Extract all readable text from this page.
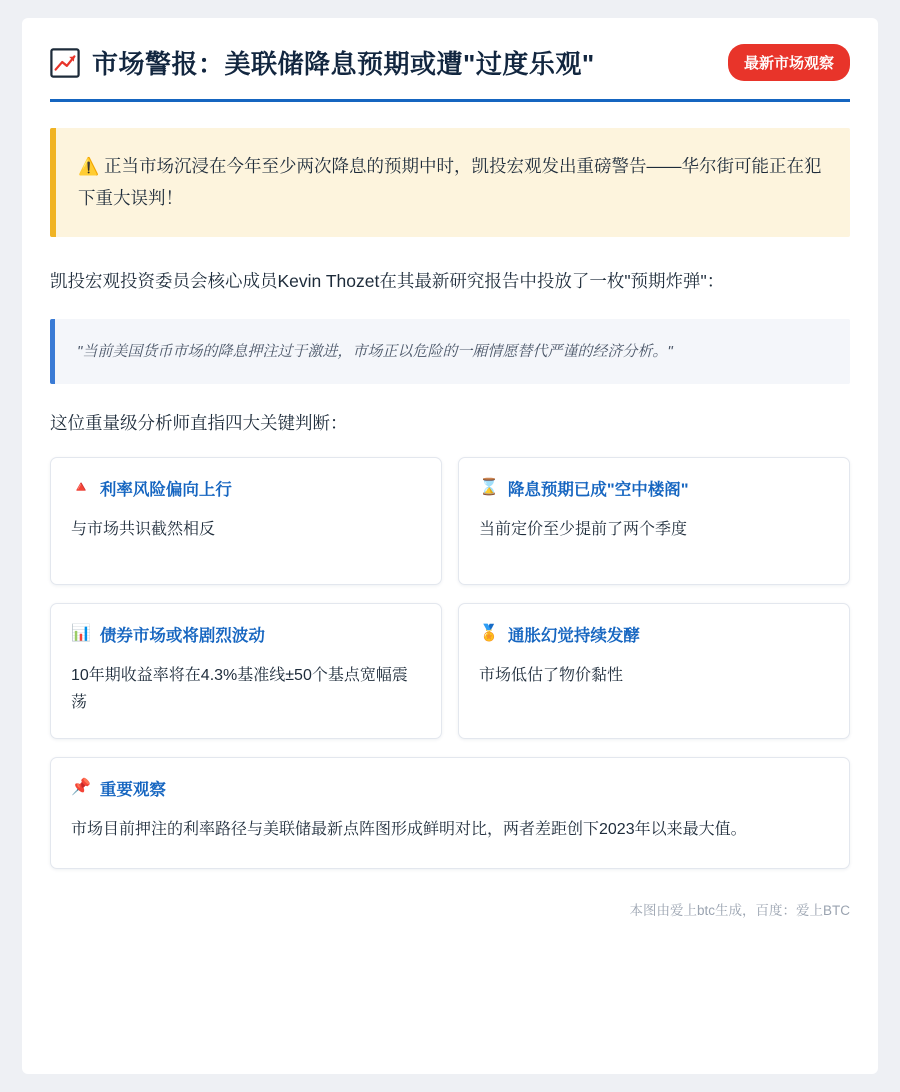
市场警报：美联储降息预期或遭"过度乐观"	最新市场观察
⚠️ 正当市场沉浸在今年至少两次降息的预期中时，凯投宏观发出重磅警告——华尔街可能正在犯下重大误判！
凯投宏观投资委员会核心成员Kevin Thozet在其最新研究报告中投放了一枚"预期炸弹"：
"当前美国货币市场的降息押注过于激进，市场正以危险的一厢情愿替代严谨的经济分析。"
这位重量级分析师直指四大关键判断：
🔺 利率风险偏向上行
与市场共识截然相反
⌛ 降息预期已成"空中楼阁"
当前定价至少提前了两个季度
📊 债券市场或将剧烈波动
10年期收益率将在4.3%基准线±50个基点宽幅震荡
🏅 通胀幻觉持续发酵
市场低估了物价黏性
📌 重要观察
市场目前押注的利率路径与美联储最新点阵图形成鲜明对比，两者差距创下2023年以来最大值。
本图由爱上btc生成，百度：爱上BTC
